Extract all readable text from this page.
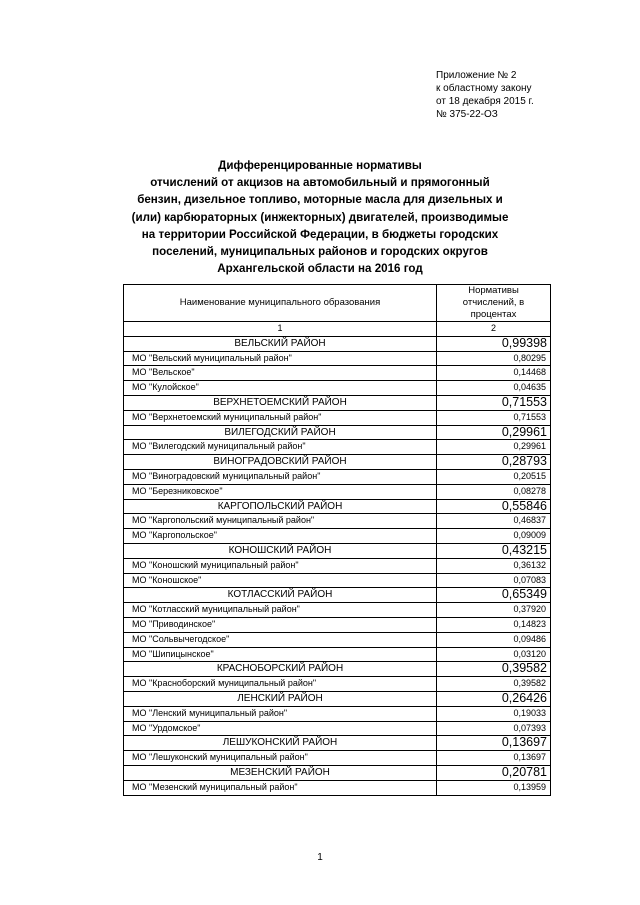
Приложение № 2
к областному закону
от 18 декабря 2015 г.
№ 375-22-ОЗ
Дифференцированные нормативы
отчислений от акцизов на автомобильный и прямогонный
бензин, дизельное топливо, моторные масла для дизельных и
(или) карбюраторных (инжекторных) двигателей, производимые
на территории Российской Федерации, в бюджеты городских
поселений, муниципальных районов и городских округов
Архангельской области на 2016 год
Наименование муниципального образования	Нормативы отчислений, в процентах
1	2
ВЕЛЬСКИЙ РАЙОН	0,99398
МО "Вельский муниципальный район"	0,80295
МО "Вельское"	0,14468
МО "Кулойское"	0,04635
ВЕРХНЕТОЕМСКИЙ РАЙОН	0,71553
МО "Верхнетоемский муниципальный район"	0,71553
ВИЛЕГОДСКИЙ РАЙОН	0,29961
МО "Вилегодский муниципальный район"	0,29961
ВИНОГРАДОВСКИЙ РАЙОН	0,28793
МО "Виноградовский муниципальный район"	0,20515
МО "Березниковское"	0,08278
КАРГОПОЛЬСКИЙ РАЙОН	0,55846
МО "Каргопольский муниципальный район"	0,46837
МО "Каргопольское"	0,09009
КОНОШСКИЙ РАЙОН	0,43215
МО "Коношский муниципальный район"	0,36132
МО "Коношское"	0,07083
КОТЛАССКИЙ РАЙОН	0,65349
МО "Котласский муниципальный район"	0,37920
МО "Приводинское"	0,14823
МО "Сольвычегодское"	0,09486
МО "Шипицынское"	0,03120
КРАСНОБОРСКИЙ РАЙОН	0,39582
МО "Красноборский муниципальный район"	0,39582
ЛЕНСКИЙ РАЙОН	0,26426
МО "Ленский муниципальный район"	0,19033
МО "Урдомское"	0,07393
ЛЕШУКОНСКИЙ РАЙОН	0,13697
МО "Лешуконский муниципальный район"	0,13697
МЕЗЕНСКИЙ РАЙОН	0,20781
МО "Мезенский муниципальный район"	0,13959
1
